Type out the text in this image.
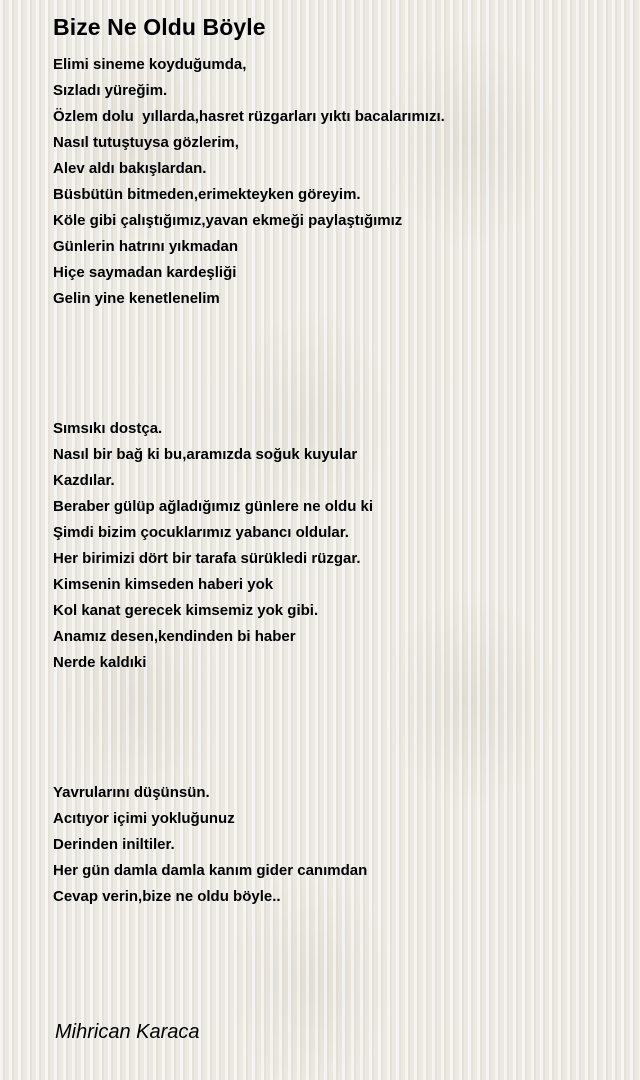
Bize Ne Oldu Böyle
Elimi sineme koyduğumda,
Sızladı yüreğim.
Özlem dolu  yıllarda,hasret rüzgarları yıktı bacalarımızı.
Nasıl tutuştuysa gözlerim,
Alev aldı bakışlardan.
Büsbütün bitmeden,erimekteyken göreyim.
Köle gibi çalıştığımız,yavan ekmeği paylaştığımız
Günlerin hatrını yıkmadan
Hiçe saymadan kardeşliği
Gelin yine kenetlenelim
Sımsıkı dostça.
Nasıl bir bağ ki bu,aramızda soğuk kuyular
Kazdılar.
Beraber gülüp ağladığımız günlere ne oldu ki
Şimdi bizim çocuklarımız yabancı oldular.
Her birimizi dört bir tarafa sürükledi rüzgar.
Kimsenin kimseden haberi yok
Kol kanat gerecek kimsemiz yok gibi.
Anamız desen,kendinden bi haber
Nerde kaldıki
Yavrularını düşünsün.
Acıtıyor içimi yokluğunuz
Derinden iniltiler.
Her gün damla damla kanım gider canımdan
Cevap verin,bize ne oldu böyle..
Mihrican Karaca
